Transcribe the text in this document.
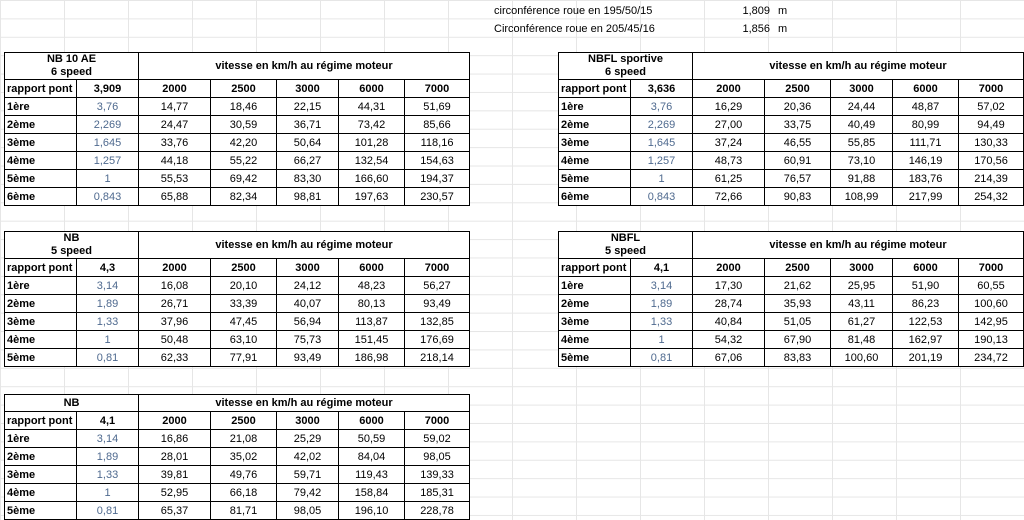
circonférence roue en 195/50/15	1,809 m
Circonférence roue en 205/45/16	1,856 m
NB 10 AE
6 speed		vitesse en km/h au régime moteur				
rapport pont	3,909	2000	2500	3000	6000	7000
1ère	3,76	14,77	18,46	22,15	44,31	51,69
2ème	2,269	24,47	30,59	36,71	73,42	85,66
3ème	1,645	33,76	42,20	50,64	101,28	118,16
4ème	1,257	44,18	55,22	66,27	132,54	154,63
5ème	1	55,53	69,42	83,30	166,60	194,37
6ème	0,843	65,88	82,34	98,81	197,63	230,57
NBFL sportive
6 speed		vitesse en km/h au régime moteur				
rapport pont	3,636	2000	2500	3000	6000	7000
1ère	3,76	16,29	20,36	24,44	48,87	57,02
2ème	2,269	27,00	33,75	40,49	80,99	94,49
3ème	1,645	37,24	46,55	55,85	111,71	130,33
4ème	1,257	48,73	60,91	73,10	146,19	170,56
5ème	1	61,25	76,57	91,88	183,76	214,39
6ème	0,843	72,66	90,83	108,99	217,99	254,32
NB
5 speed		vitesse en km/h au régime moteur				
rapport pont	4,3	2000	2500	3000	6000	7000
1ère	3,14	16,08	20,10	24,12	48,23	56,27
2ème	1,89	26,71	33,39	40,07	80,13	93,49
3ème	1,33	37,96	47,45	56,94	113,87	132,85
4ème	1	50,48	63,10	75,73	151,45	176,69
5ème	0,81	62,33	77,91	93,49	186,98	218,14
NBFL
5 speed		vitesse en km/h au régime moteur				
rapport pont	4,1	2000	2500	3000	6000	7000
1ère	3,14	17,30	21,62	25,95	51,90	60,55
2ème	1,89	28,74	35,93	43,11	86,23	100,60
3ème	1,33	40,84	51,05	61,27	122,53	142,95
4ème	1	54,32	67,90	81,48	162,97	190,13
5ème	0,81	67,06	83,83	100,60	201,19	234,72
NB		vitesse en km/h au régime moteur				
rapport pont	4,1	2000	2500	3000	6000	7000
1ère	3,14	16,86	21,08	25,29	50,59	59,02
2ème	1,89	28,01	35,02	42,02	84,04	98,05
3ème	1,33	39,81	49,76	59,71	119,43	139,33
4ème	1	52,95	66,18	79,42	158,84	185,31
5ème	0,81	65,37	81,71	98,05	196,10	228,78
